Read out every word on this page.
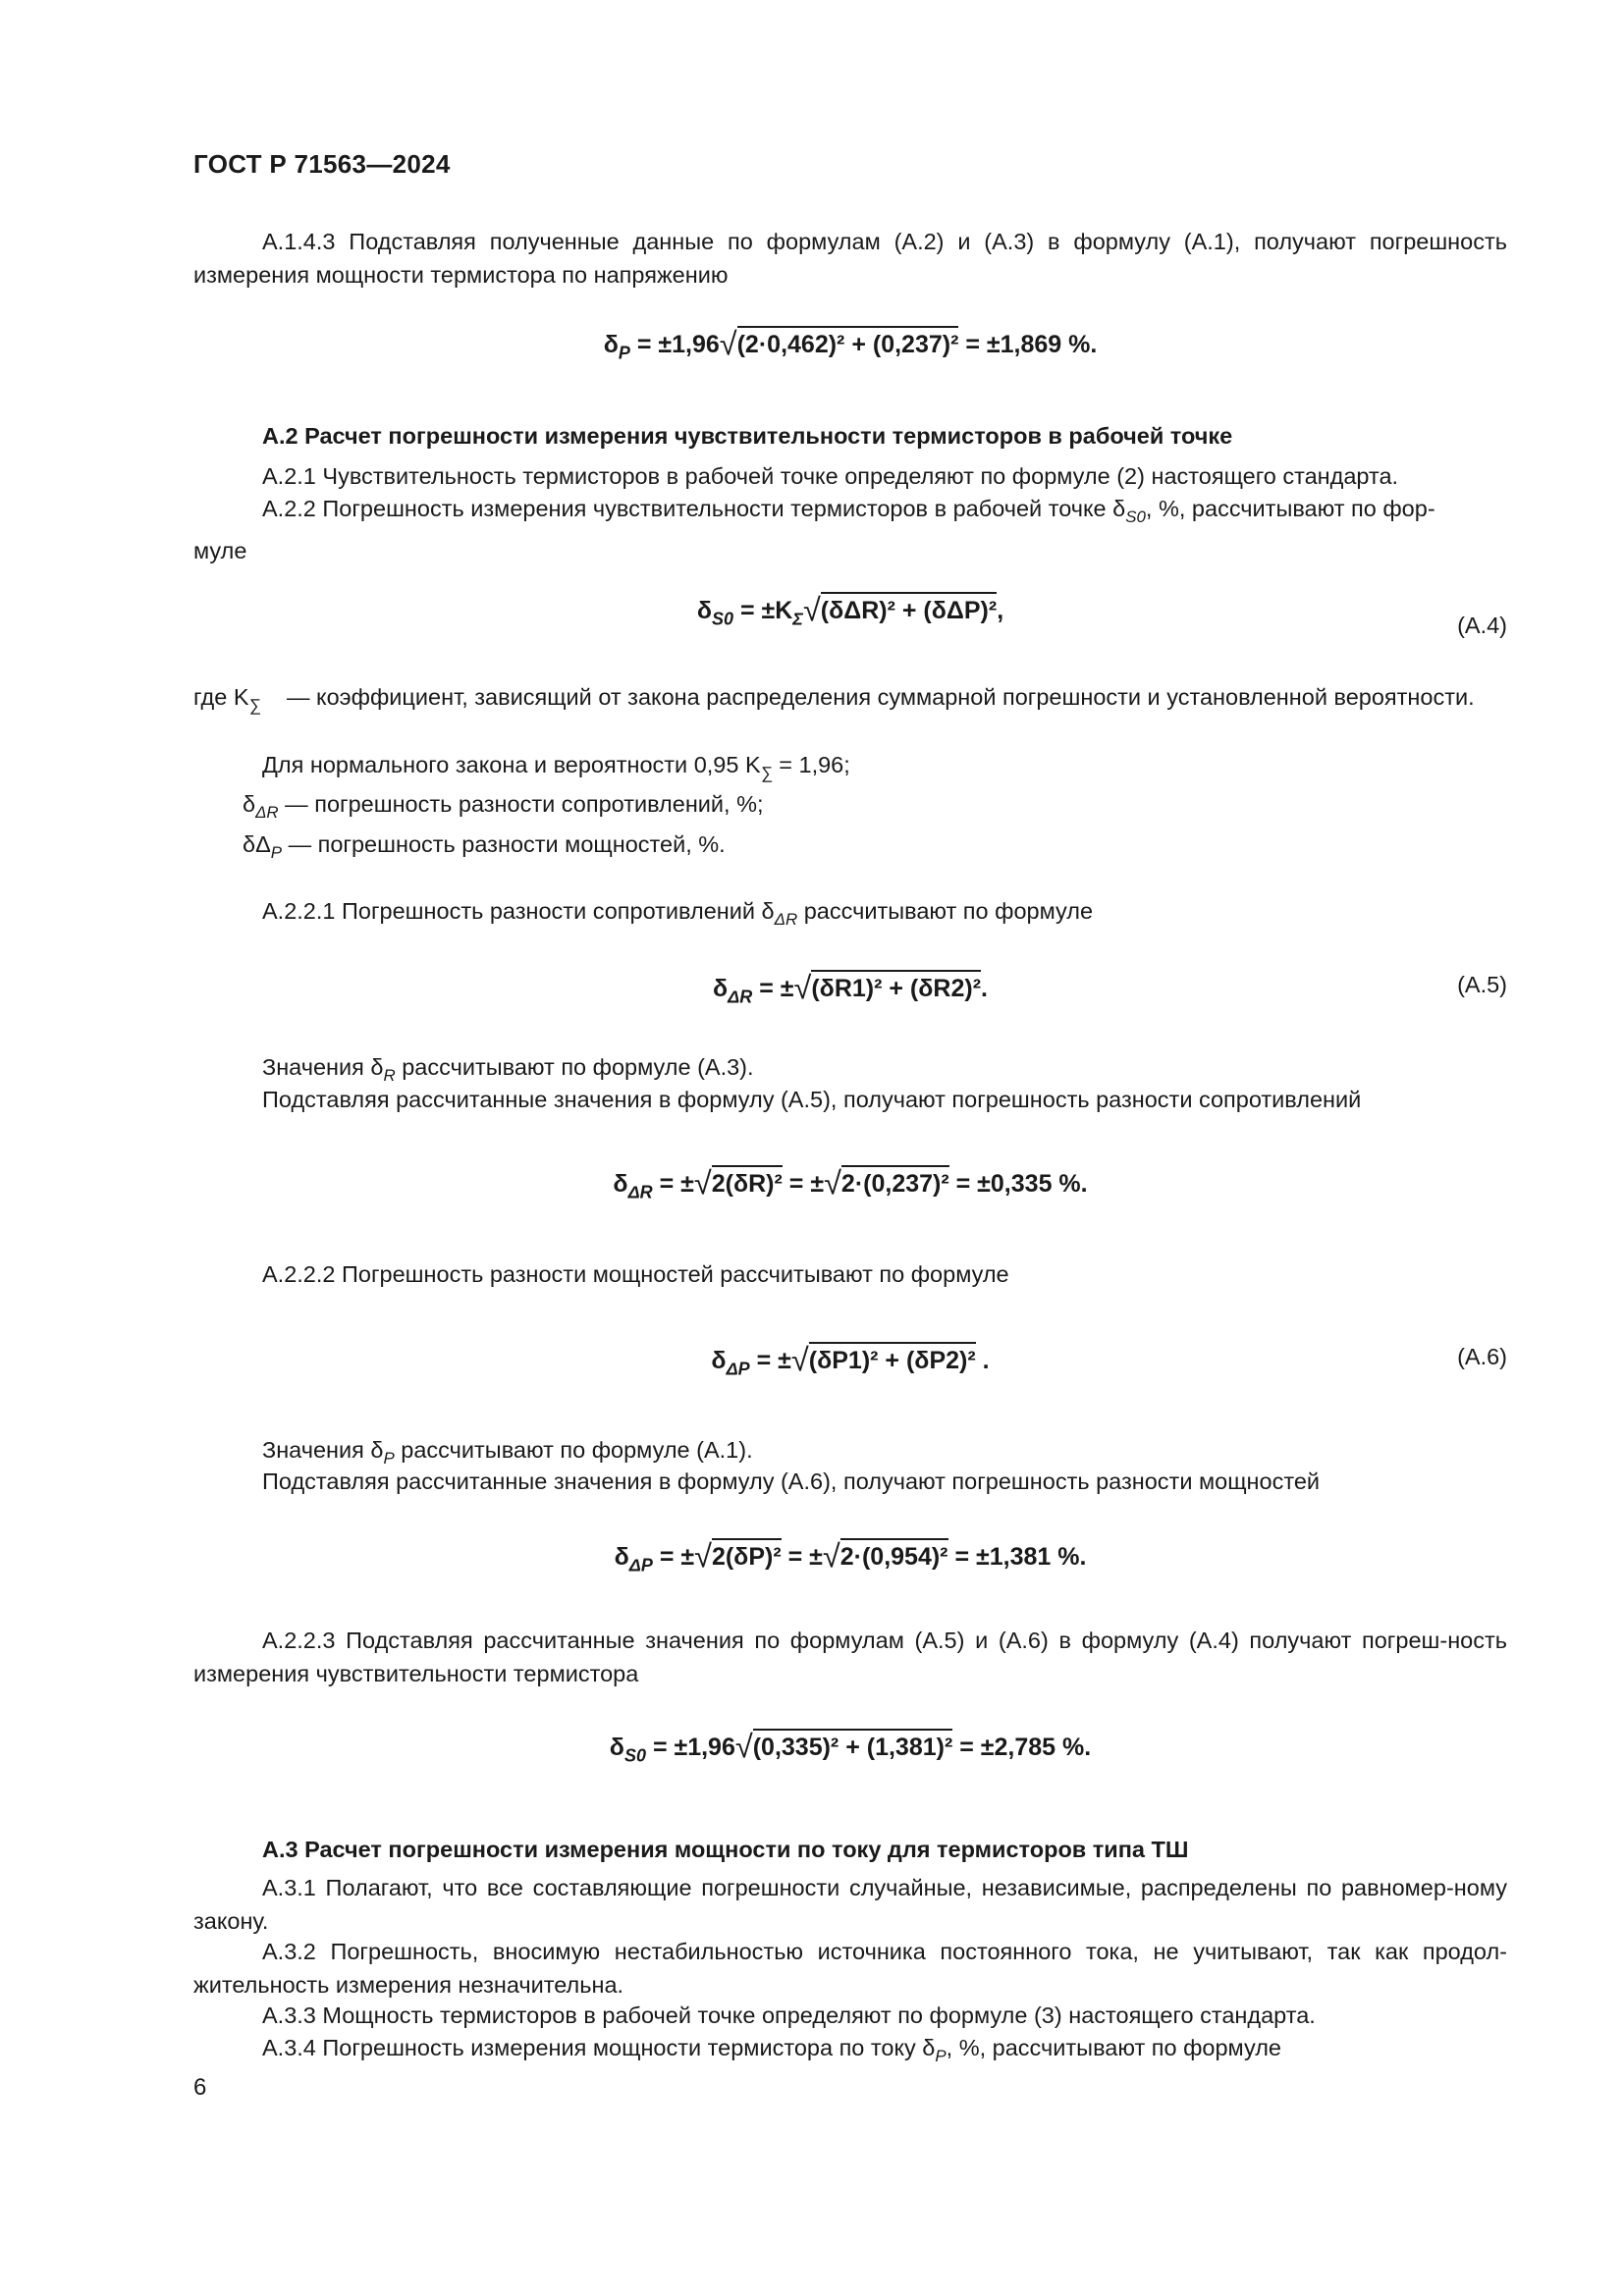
ГОСТ Р 71563—2024

A.1.4.3 Подставляя полученные данные по формулам (А.2) и (А.3) в формулу (А.1), получают погрешность измерения мощности термистора по напряжению

$\delta_P = \pm 1,96√(2\cdot 0,462)^2 + (0,237)^2 = \pm 1,869$ %.

А.2 Расчет погрешности измерения чувствительности термисторов в рабочей точке

А.2.1 Чувствительность термисторов в рабочей точке определяют по формуле (2) настоящего стандарта.

А.2.2 Погрешность измерения чувствительности термисторов в рабочей точке $\delta_{S0}$, %, рассчитывают по фор-
муле

$\delta_{S0} = \pm K_\Sigma√(\delta\Delta R)^2 + (\delta\Delta P)^2$,
(А.4)
где $K_\sum$	— коэффициент, зависящий от закона распределения суммарной погрешности и установленной вероятности.

Для нормального закона и вероятности 0,95 $K_\sum = 1,96$;

$\delta_{\Delta R}$ — погрешность разности сопротивлений, %;

$\delta\Delta_P$ — погрешность разности мощностей, %.

А.2.2.1 Погрешность разности сопротивлений $\delta_{\Delta R}$ рассчитывают по формуле

$\delta_{\Delta R} = \pm√(\delta R1)^2 + (\delta R2)^2$.	(А.5)

Значения $\delta_R$ рассчитывают по формуле (А.3).

Подставляя рассчитанные значения в формулу (А.5), получают погрешность разности сопротивлений

$\delta_{\Delta R} = \pm√2(\delta R)^2 = \pm√2\cdot(0,237)^2 = \pm 0,335$ %.

А.2.2.2 Погрешность разности мощностей рассчитывают по формуле

$\delta_{\Delta P} = \pm√(\delta P1)^2 + (\delta P2)^2$ .	(А.6)

Значения $\delta_P$ рассчитывают по формуле (А.1).

Подставляя рассчитанные значения в формулу (А.6), получают погрешность разности мощностей

$\delta_{\Delta P} = \pm√2(\delta P)^2 = \pm√2\cdot(0,954)^2 = \pm 1,381$ %.

А.2.2.3 Подставляя рассчитанные значения по формулам (А.5) и (А.6) в формулу (А.4) получают погреш-ность измерения чувствительности термистора

$\delta_{S0} = \pm 1,96√(0,335)^2 + (1,381)^2 = \pm 2,785$ %.

А.3 Расчет погрешности измерения мощности по току для термисторов типа ТШ

А.3.1 Полагают, что все составляющие погрешности случайные, независимые, распределены по равномер-ному закону.

А.3.2 Погрешность, вносимую нестабильностью источника постоянного тока, не учитывают, так как продол-жительность измерения незначительна.

А.3.3 Мощность термисторов в рабочей точке определяют по формуле (3) настоящего стандарта.

А.3.4 Погрешность измерения мощности термистора по току $\delta_P$, %, рассчитывают по формуле

6
